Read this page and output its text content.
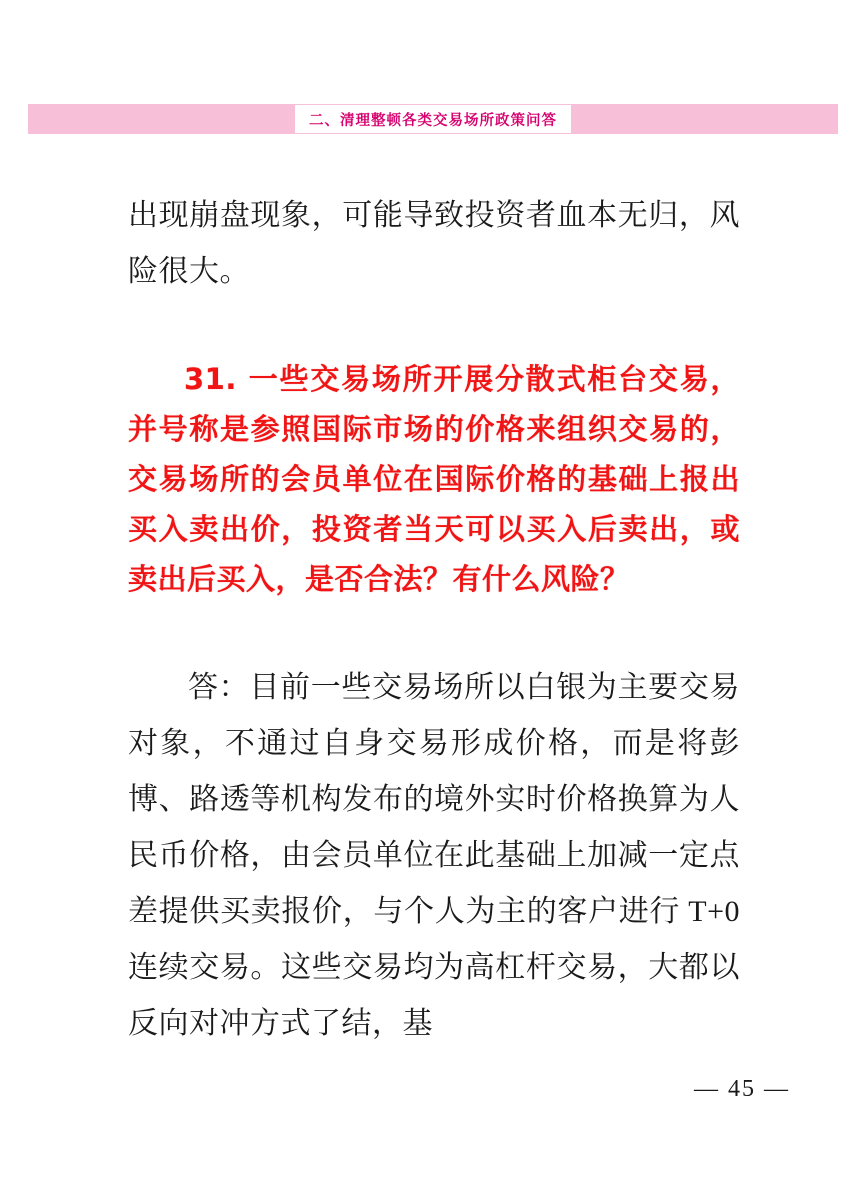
二、清理整顿各类交易场所政策问答

出现崩盘现象，可能导致投资者血本无归，风险很大。

31. 一些交易场所开展分散式柜台交易，并号称是参照国际市场的价格来组织交易的，交易场所的会员单位在国际价格的基础上报出买入卖出价，投资者当天可以买入后卖出，或卖出后买入，是否合法？有什么风险？

答：目前一些交易场所以白银为主要交易对象，不通过自身交易形成价格，而是将彭博、路透等机构发布的境外实时价格换算为人民币价格，由会员单位在此基础上加减一定点差提供买卖报价，与个人为主的客户进行 T+0 连续交易。这些交易均为高杠杆交易，大都以反向对冲方式了结，基

— 45 —
